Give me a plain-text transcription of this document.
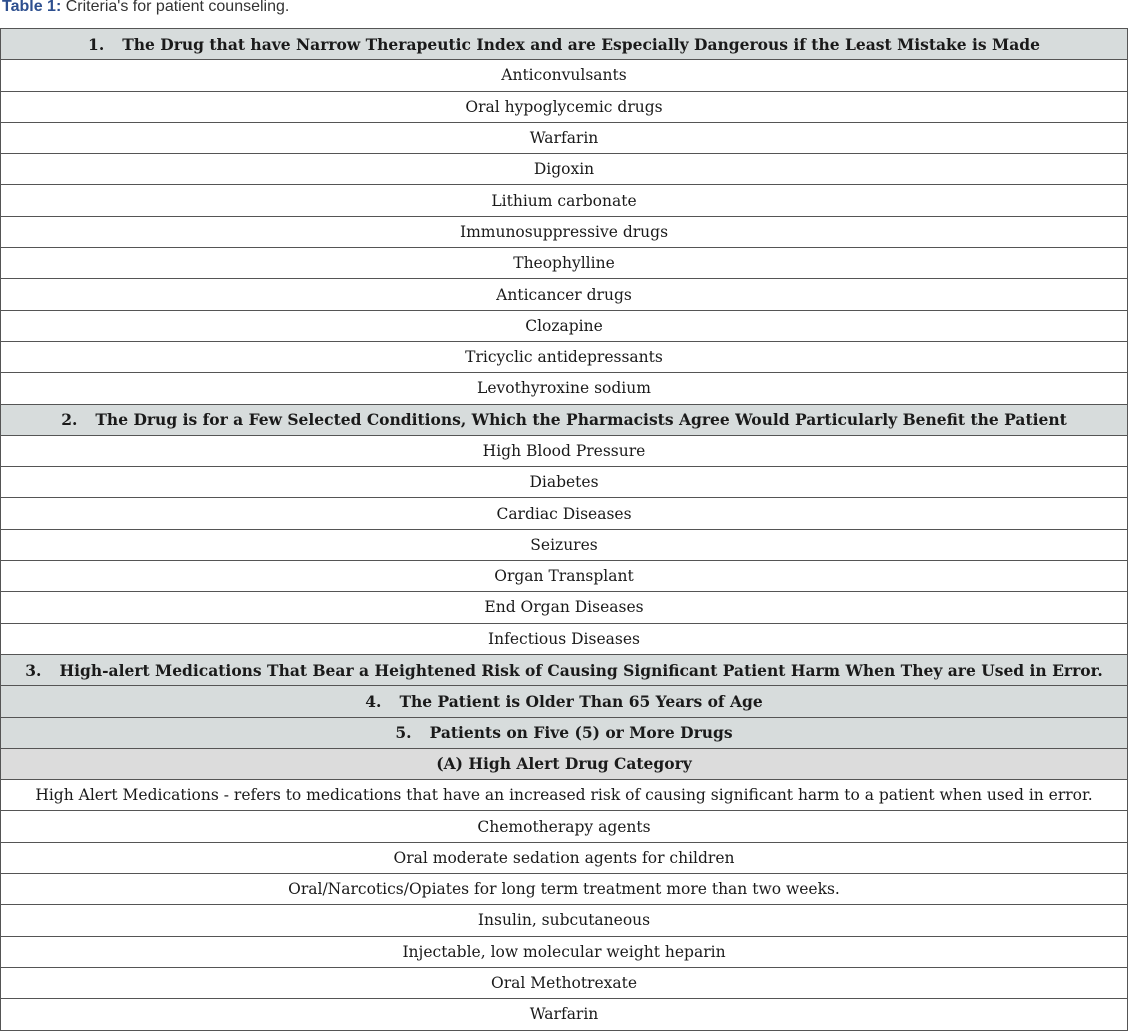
Table 1: Criteria's for patient counseling.
1. The Drug that have Narrow Therapeutic Index and are Especially Dangerous if the Least Mistake is Made
Anticonvulsants
Oral hypoglycemic drugs
Warfarin
Digoxin
Lithium carbonate
Immunosuppressive drugs
Theophylline
Anticancer drugs
Clozapine
Tricyclic antidepressants
Levothyroxine sodium
2. The Drug is for a Few Selected Conditions, Which the Pharmacists Agree Would Particularly Benefit the Patient
High Blood Pressure
Diabetes
Cardiac Diseases
Seizures
Organ Transplant
End Organ Diseases
Infectious Diseases
3. High-alert Medications That Bear a Heightened Risk of Causing Significant Patient Harm When They are Used in Error.
4. The Patient is Older Than 65 Years of Age
5. Patients on Five (5) or More Drugs
(A) High Alert Drug Category
High Alert Medications - refers to medications that have an increased risk of causing significant harm to a patient when used in error.
Chemotherapy agents
Oral moderate sedation agents for children
Oral/Narcotics/Opiates for long term treatment more than two weeks.
Insulin, subcutaneous
Injectable, low molecular weight heparin
Oral Methotrexate
Warfarin
